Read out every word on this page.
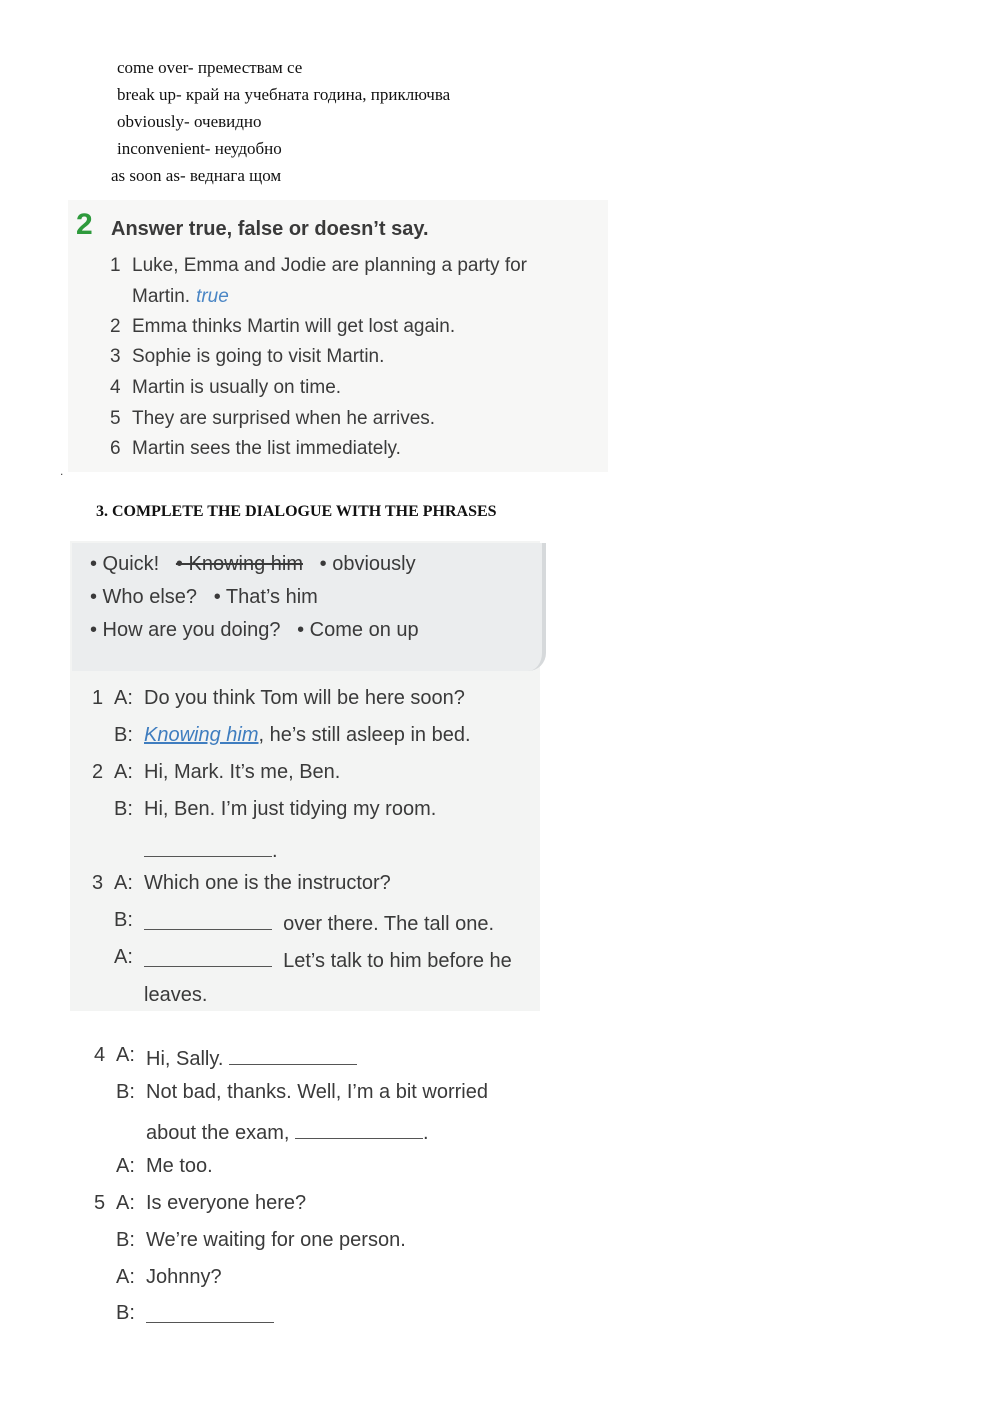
come over- премествам се
break up- край на учебната година, приключва
obviously- очевидно
inconvenient- неудобно
as soon as- веднага щом
2 Answer true, false or doesn’t say.
1 Luke, Emma and Jodie are planning a party for
Martin. true
2 Emma thinks Martin will get lost again.
3 Sophie is going to visit Martin.
4 Martin is usually on time.
5 They are surprised when he arrives.
6 Martin sees the list immediately.
.
3. COMPLETE THE DIALOGUE WITH THE PHRASES
• Quick! • Knowing him • obviously
• Who else? • That’s him
• How are you doing? • Come on up
1 A: Do you think Tom will be here soon?
B: Knowing him, he’s still asleep in bed.
2 A: Hi, Mark. It’s me, Ben.
B: Hi, Ben. I’m just tidying my room.
.
3 A: Which one is the instructor?
B:	over there. The tall one.
A:	Let’s talk to him before he
leaves.
4 A: Hi, Sally.
B: Not bad, thanks. Well, I’m a bit worried
about the exam,	.
A: Me too.
5 A: Is everyone here?
B: We’re waiting for one person.
A: Johnny?
B:
